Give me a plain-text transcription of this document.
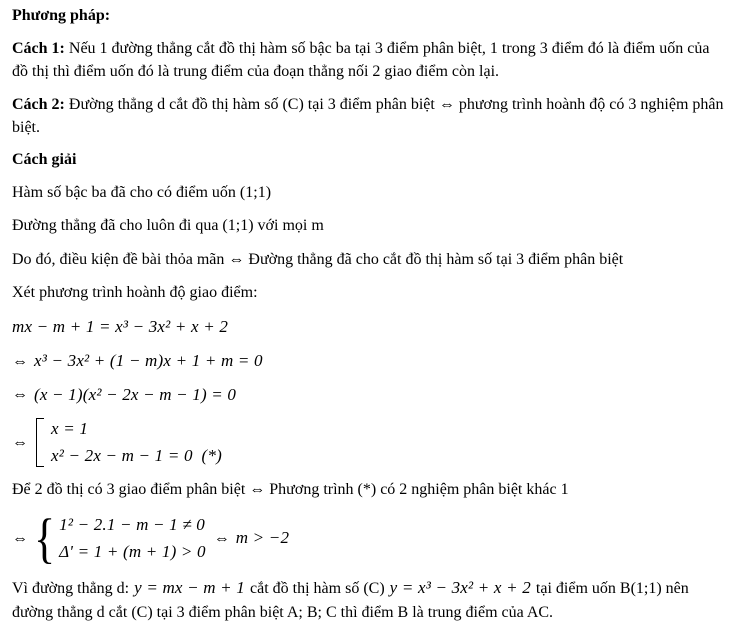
Phương pháp:

Cách 1: Nếu 1 đường thẳng cắt đồ thị hàm số bậc ba tại 3 điểm phân biệt, 1 trong 3 điểm đó là điểm uốn của đồ thị thì điểm uốn đó là trung điểm của đoạn thẳng nối 2 giao điểm còn lại.

Cách 2: Đường thẳng d cắt đồ thị hàm số (C) tại 3 điểm phân biệt ⇔ phương trình hoành độ có 3 nghiệm phân biệt.

Cách giải

Hàm số bậc ba đã cho có điểm uốn (1;1)

Đường thẳng đã cho luôn đi qua (1;1) với mọi m

Do đó, điều kiện đề bài thỏa mãn ⇔ Đường thẳng đã cho cắt đồ thị hàm số tại 3 điểm phân biệt

Xét phương trình hoành độ giao điểm:

mx − m + 1 = x³ − 3x² + x + 2
⇔ x³ − 3x² + (1 − m)x + 1 + m = 0
⇔ (x − 1)(x² − 2x − m − 1) = 0
⇔
x = 1
x² − 2x − m − 1 = 0  (*)

Để 2 đồ thị có 3 giao điểm phân biệt ⇔ Phương trình (*) có 2 nghiệm phân biệt khác 1

⇔ { 1² − 2.1 − m − 1 ≠ 0
Δ' = 1 + (m + 1) > 0
⇔ m > −2

Vì đường thẳng d: y = mx − m + 1 cắt đồ thị hàm số (C) y = x³ − 3x² + x + 2 tại điểm uốn B(1;1) nên đường thẳng d cắt (C) tại 3 điểm phân biệt A; B; C thì điểm B là trung điểm của AC.
